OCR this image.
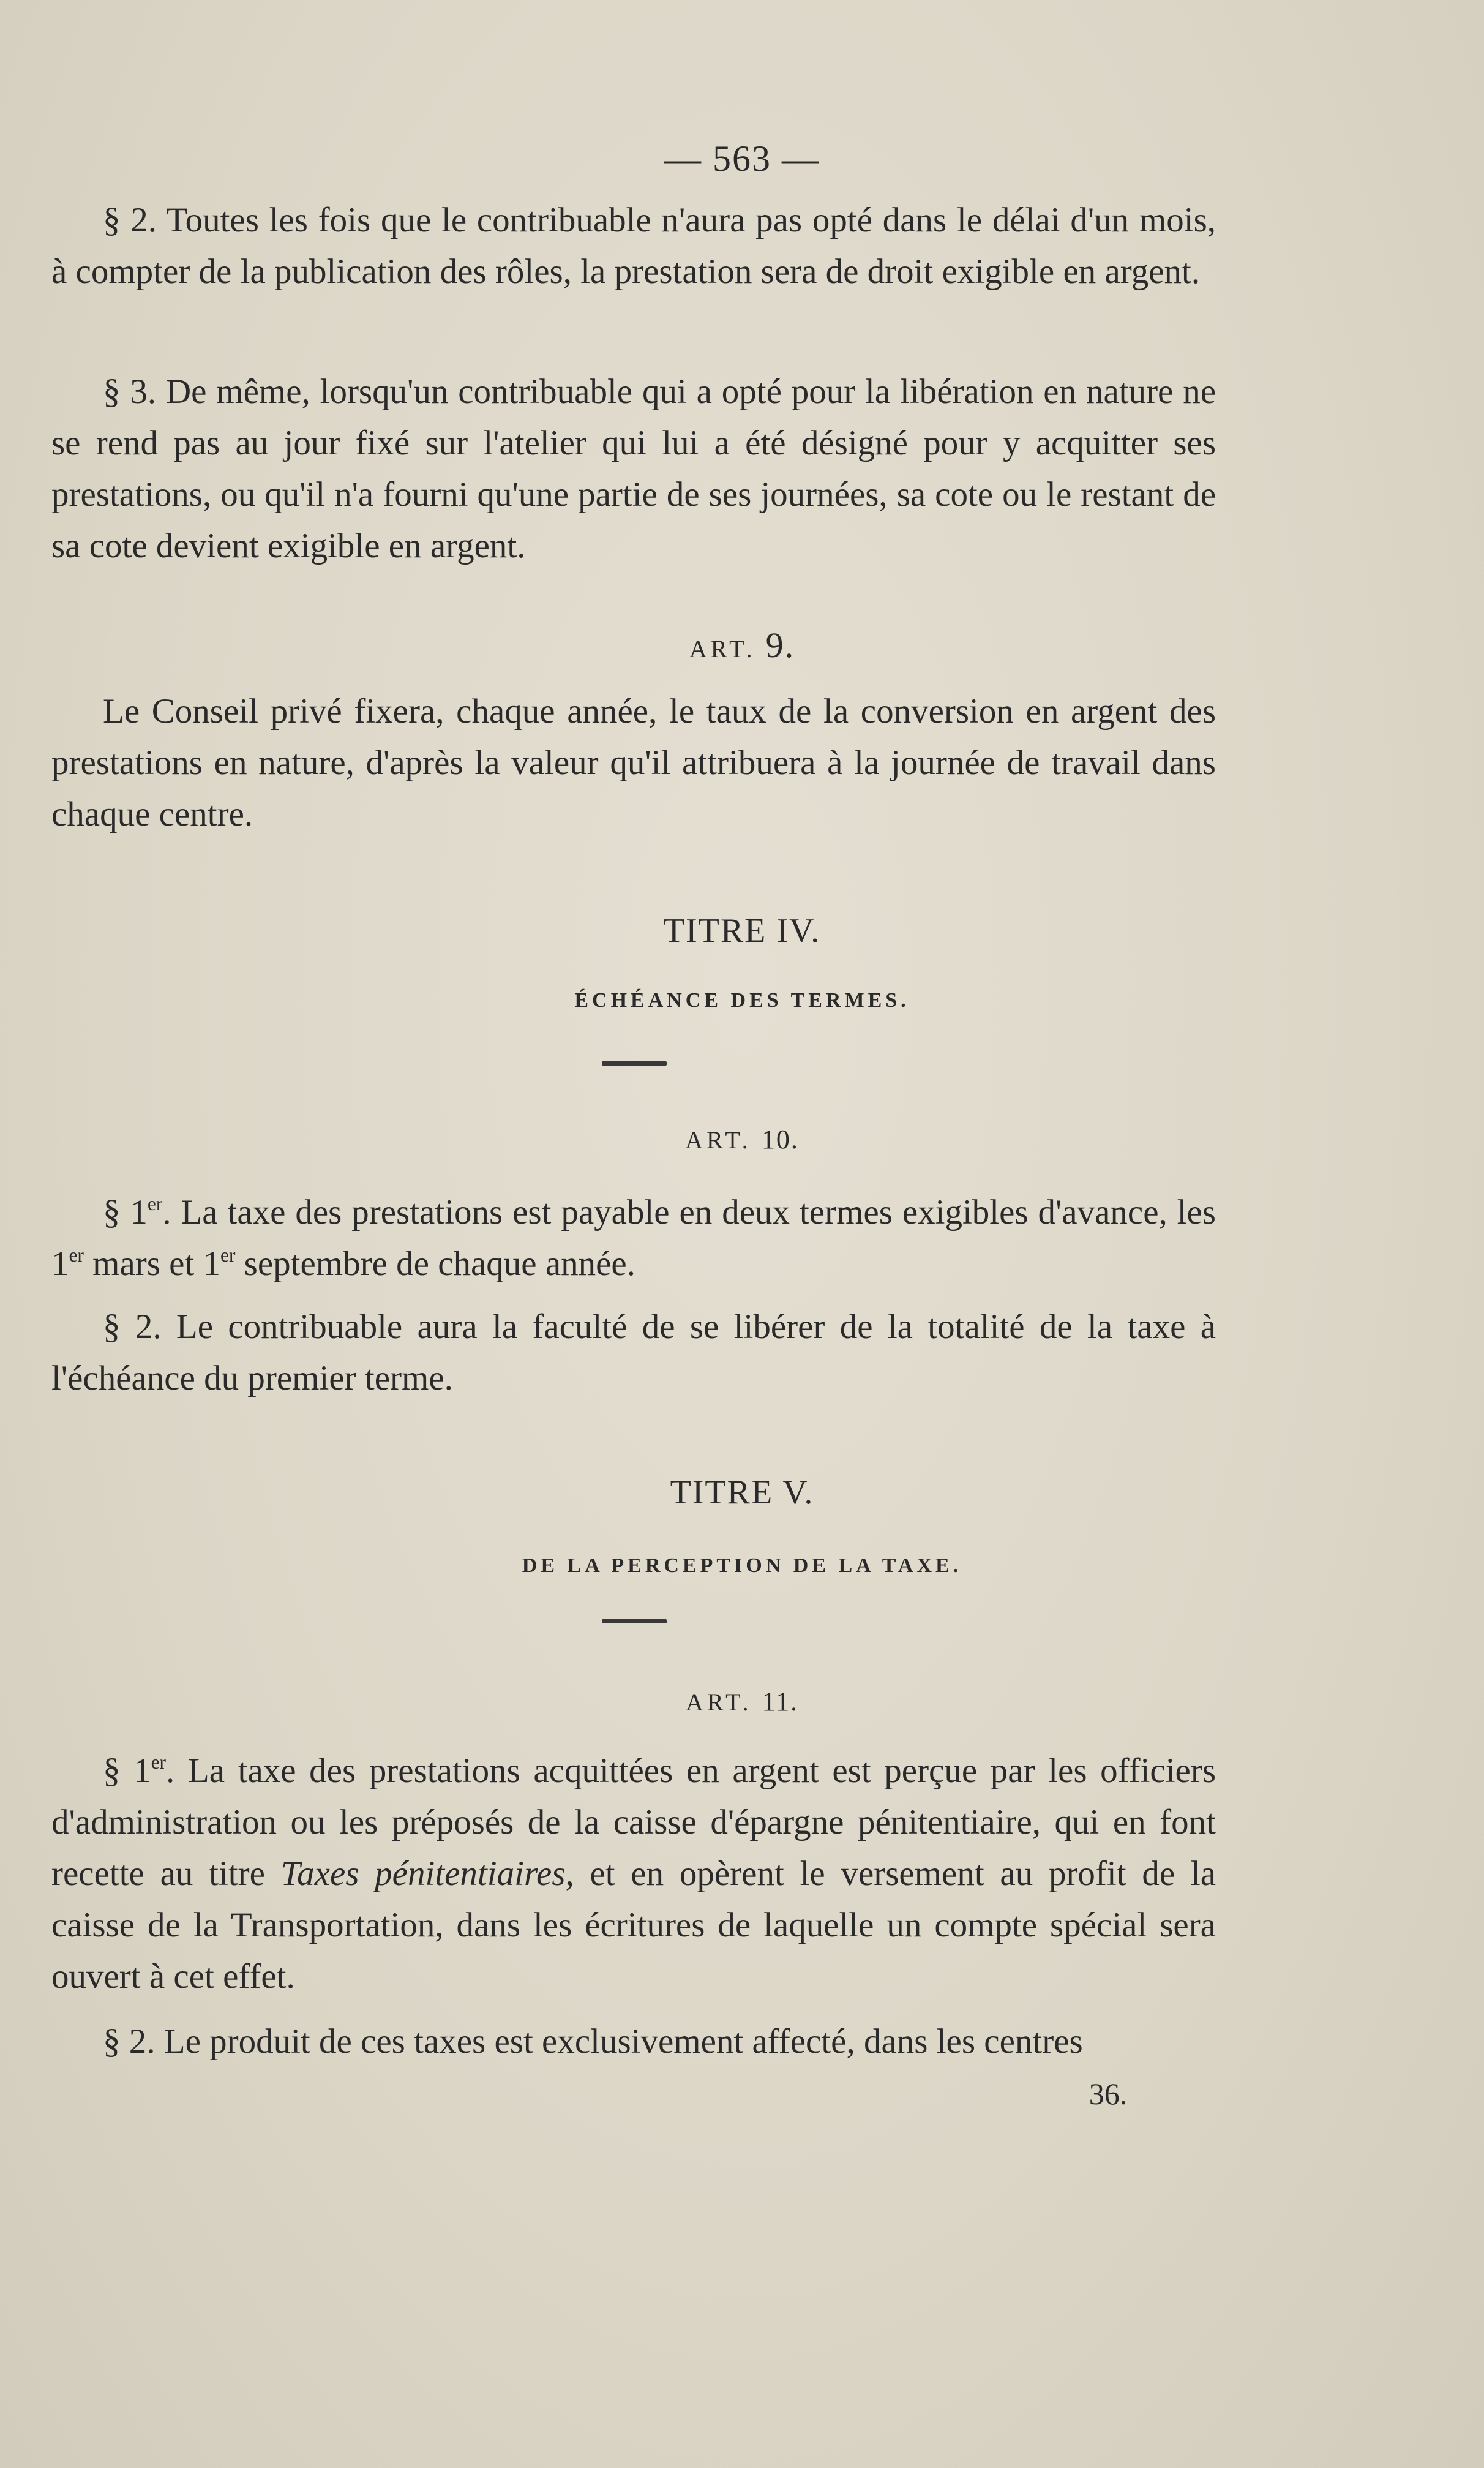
— 563 —

§ 2. Toutes les fois que le contribuable n'aura pas opté dans le délai d'un mois, à compter de la publication des rôles, la prestation sera de droit exigible en argent.

§ 3. De même, lorsqu'un contribuable qui a opté pour la libération en nature ne se rend pas au jour fixé sur l'atelier qui lui a été désigné pour y acquitter ses prestations, ou qu'il n'a fourni qu'une partie de ses journées, sa cote ou le restant de sa cote devient exigible en argent.

ART. 9.

Le Conseil privé fixera, chaque année, le taux de la conversion en argent des prestations en nature, d'après la valeur qu'il attribuera à la journée de travail dans chaque centre.

TITRE IV.

ÉCHÉANCE DES TERMES.

ART. 10.

§ 1er. La taxe des prestations est payable en deux termes exigibles d'avance, les 1er mars et 1er septembre de chaque année.

§ 2. Le contribuable aura la faculté de se libérer de la totalité de la taxe à l'échéance du premier terme.

TITRE V.

DE LA PERCEPTION DE LA TAXE.

ART. 11.

§ 1er. La taxe des prestations acquittées en argent est perçue par les officiers d'administration ou les préposés de la caisse d'épargne pénitentiaire, qui en font recette au titre Taxes pénitentiaires, et en opèrent le versement au profit de la caisse de la Transportation, dans les écritures de laquelle un compte spécial sera ouvert à cet effet.

§ 2. Le produit de ces taxes est exclusivement affecté, dans les centres

36.
